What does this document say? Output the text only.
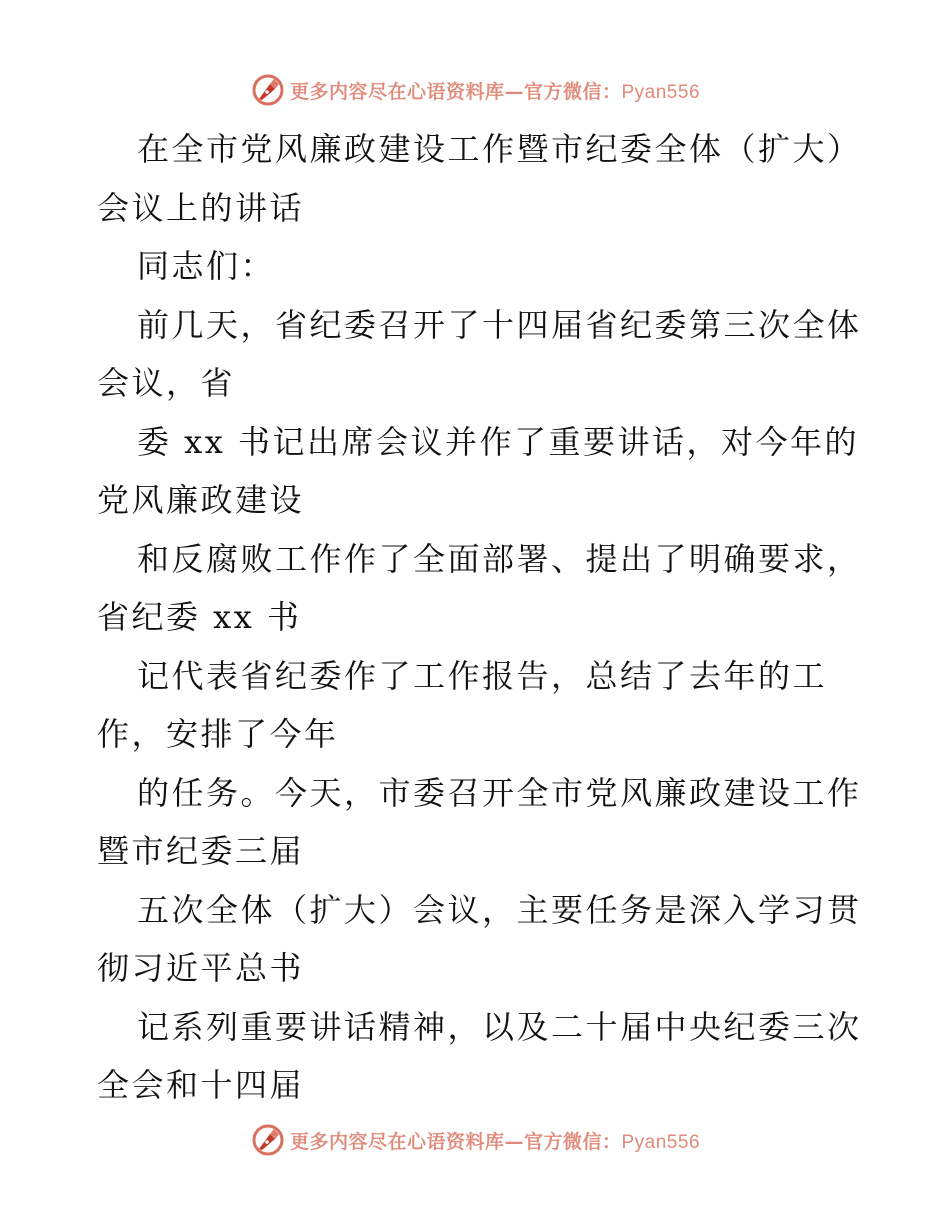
更多内容尽在心语资料库—官方微信：Pyan556
在全市党风廉政建设工作暨市纪委全体（扩大）
会议上的讲话
同志们：
前几天，省纪委召开了十四届省纪委第三次全体
会议，省
委 xx 书记出席会议并作了重要讲话，对今年的
党风廉政建设
和反腐败工作作了全面部署、提出了明确要求，
省纪委 xx 书
记代表省纪委作了工作报告，总结了去年的工
作，安排了今年
的任务。今天，市委召开全市党风廉政建设工作
暨市纪委三届
五次全体（扩大）会议，主要任务是深入学习贯
彻习近平总书
记系列重要讲话精神，以及二十届中央纪委三次
全会和十四届
更多内容尽在心语资料库—官方微信：Pyan556
